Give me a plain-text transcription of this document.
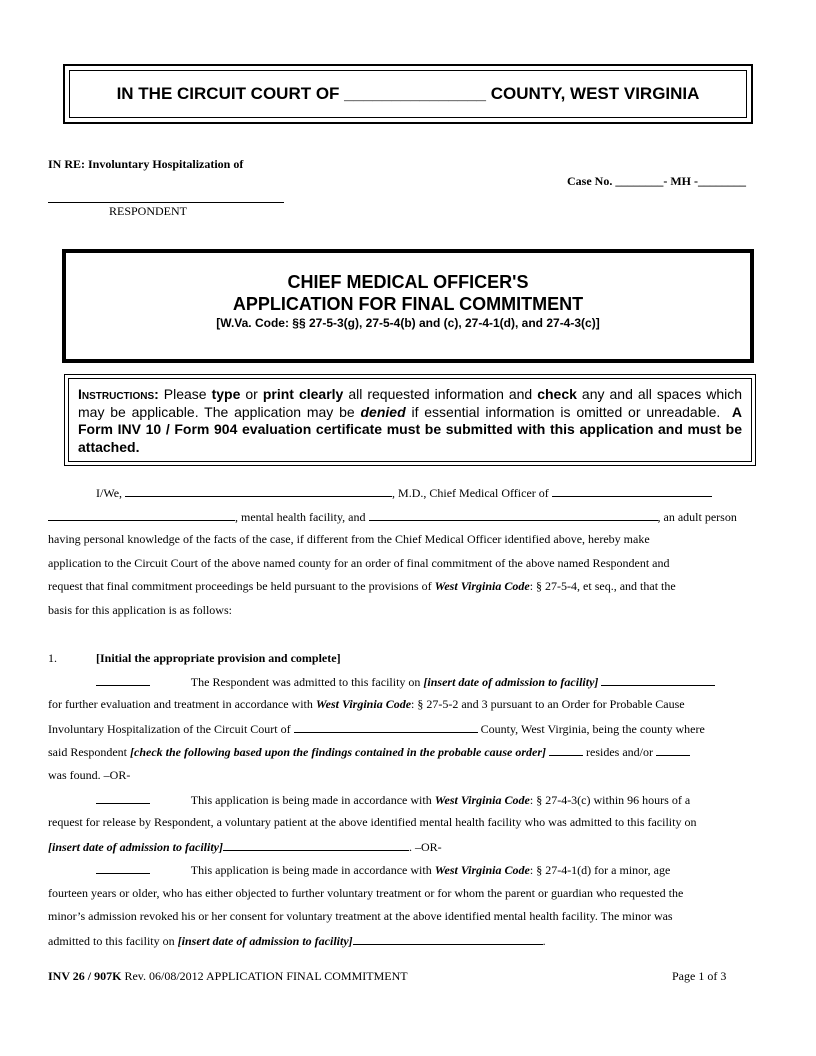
IN THE CIRCUIT COURT OF _______________ COUNTY, WEST VIRGINIA
IN RE: Involuntary Hospitalization of
Case No. ________- MH -________
RESPONDENT
CHIEF MEDICAL OFFICER'S
APPLICATION FOR FINAL COMMITMENT
[W.Va. Code: §§ 27-5-3(g), 27-5-4(b) and (c), 27-4-1(d), and 27-4-3(c)]
Instructions: Please type or print clearly all requested information and check any and all spaces which may be applicable. The application may be denied if essential information is omitted or unreadable. A Form INV 10 / Form 904 evaluation certificate must be submitted with this application and must be attached.
I/We,	, M.D., Chief Medical Officer of
, mental health facility, and	, an adult person
having personal knowledge of the facts of the case, if different from the Chief Medical Officer identified above, hereby make
application to the Circuit Court of the above named county for an order of final commitment of the above named Respondent and
request that final commitment proceedings be held pursuant to the provisions of West Virginia Code: § 27-5-4, et seq., and that the
basis for this application is as follows:
1.	[Initial the appropriate provision and complete]
The Respondent was admitted to this facility on [insert date of admission to facility]
for further evaluation and treatment in accordance with West Virginia Code: § 27-5-2 and 3 pursuant to an Order for Probable Cause
Involuntary Hospitalization of the Circuit Court of	County, West Virginia, being the county where
said Respondent [check the following based upon the findings contained in the probable cause order]	resides and/or
was found. –OR-
This application is being made in accordance with West Virginia Code: § 27-4-3(c) within 96 hours of a
request for release by Respondent, a voluntary patient at the above identified mental health facility who was admitted to this facility on
[insert date of admission to facility]	. –OR-
This application is being made in accordance with West Virginia Code: § 27-4-1(d) for a minor, age
fourteen years or older, who has either objected to further voluntary treatment or for whom the parent or guardian who requested the
minor’s admission revoked his or her consent for voluntary treatment at the above identified mental health facility. The minor was
admitted to this facility on [insert date of admission to facility]	.
INV 26 / 907K Rev. 06/08/2012 APPLICATION FINAL COMMITMENT	Page 1 of 3
